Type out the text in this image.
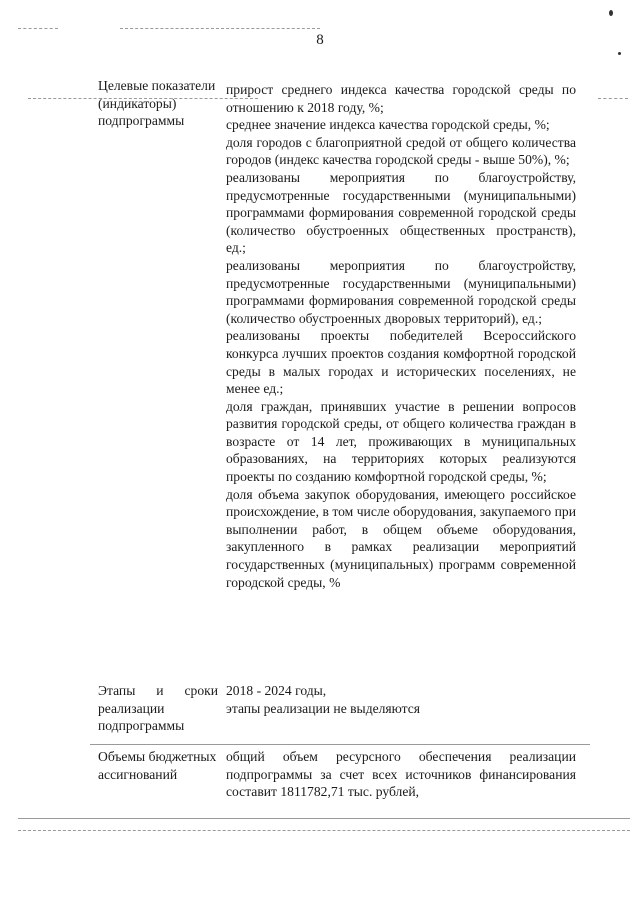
8
Целевые показатели (индикаторы) подпрограммы

прирост среднего индекса качества городской среды по отношению к 2018 году, %;

среднее значение индекса качества городской среды, %;

доля городов с благоприятной средой от общего количества городов (индекс качества городской среды - выше 50%), %;

реализованы мероприятия по благоустройству, предусмотренные государственными (муниципальными) программами формирования современной городской среды (количество обустроенных общественных пространств), ед.;

реализованы мероприятия по благоустройству, предусмотренные государственными (муниципальными) программами формирования современной городской среды (количество обустроенных дворовых территорий), ед.;

реализованы проекты победителей Всероссийского конкурса лучших проектов создания комфортной городской среды в малых городах и исторических поселениях, не менее ед.;

доля граждан, принявших участие в решении вопросов развития городской среды, от общего количества граждан в возрасте от 14 лет, проживающих в муниципальных образованиях, на территориях которых реализуются проекты по созданию комфортной городской среды, %;

доля объема закупок оборудования, имеющего российское происхождение, в том числе оборудования, закупаемого при выполнении работ, в общем объеме оборудования, закупленного в рамках реализации мероприятий государственных (муниципальных) программ современной городской среды, %

Этапы и сроки реализации подпрограммы

2018 - 2024 годы,

этапы реализации не выделяются

Объемы бюджетных ассигнований

общий объем ресурсного обеспечения реализации подпрограммы за счет всех источников финансирования составит 1811782,71 тыс. рублей,
